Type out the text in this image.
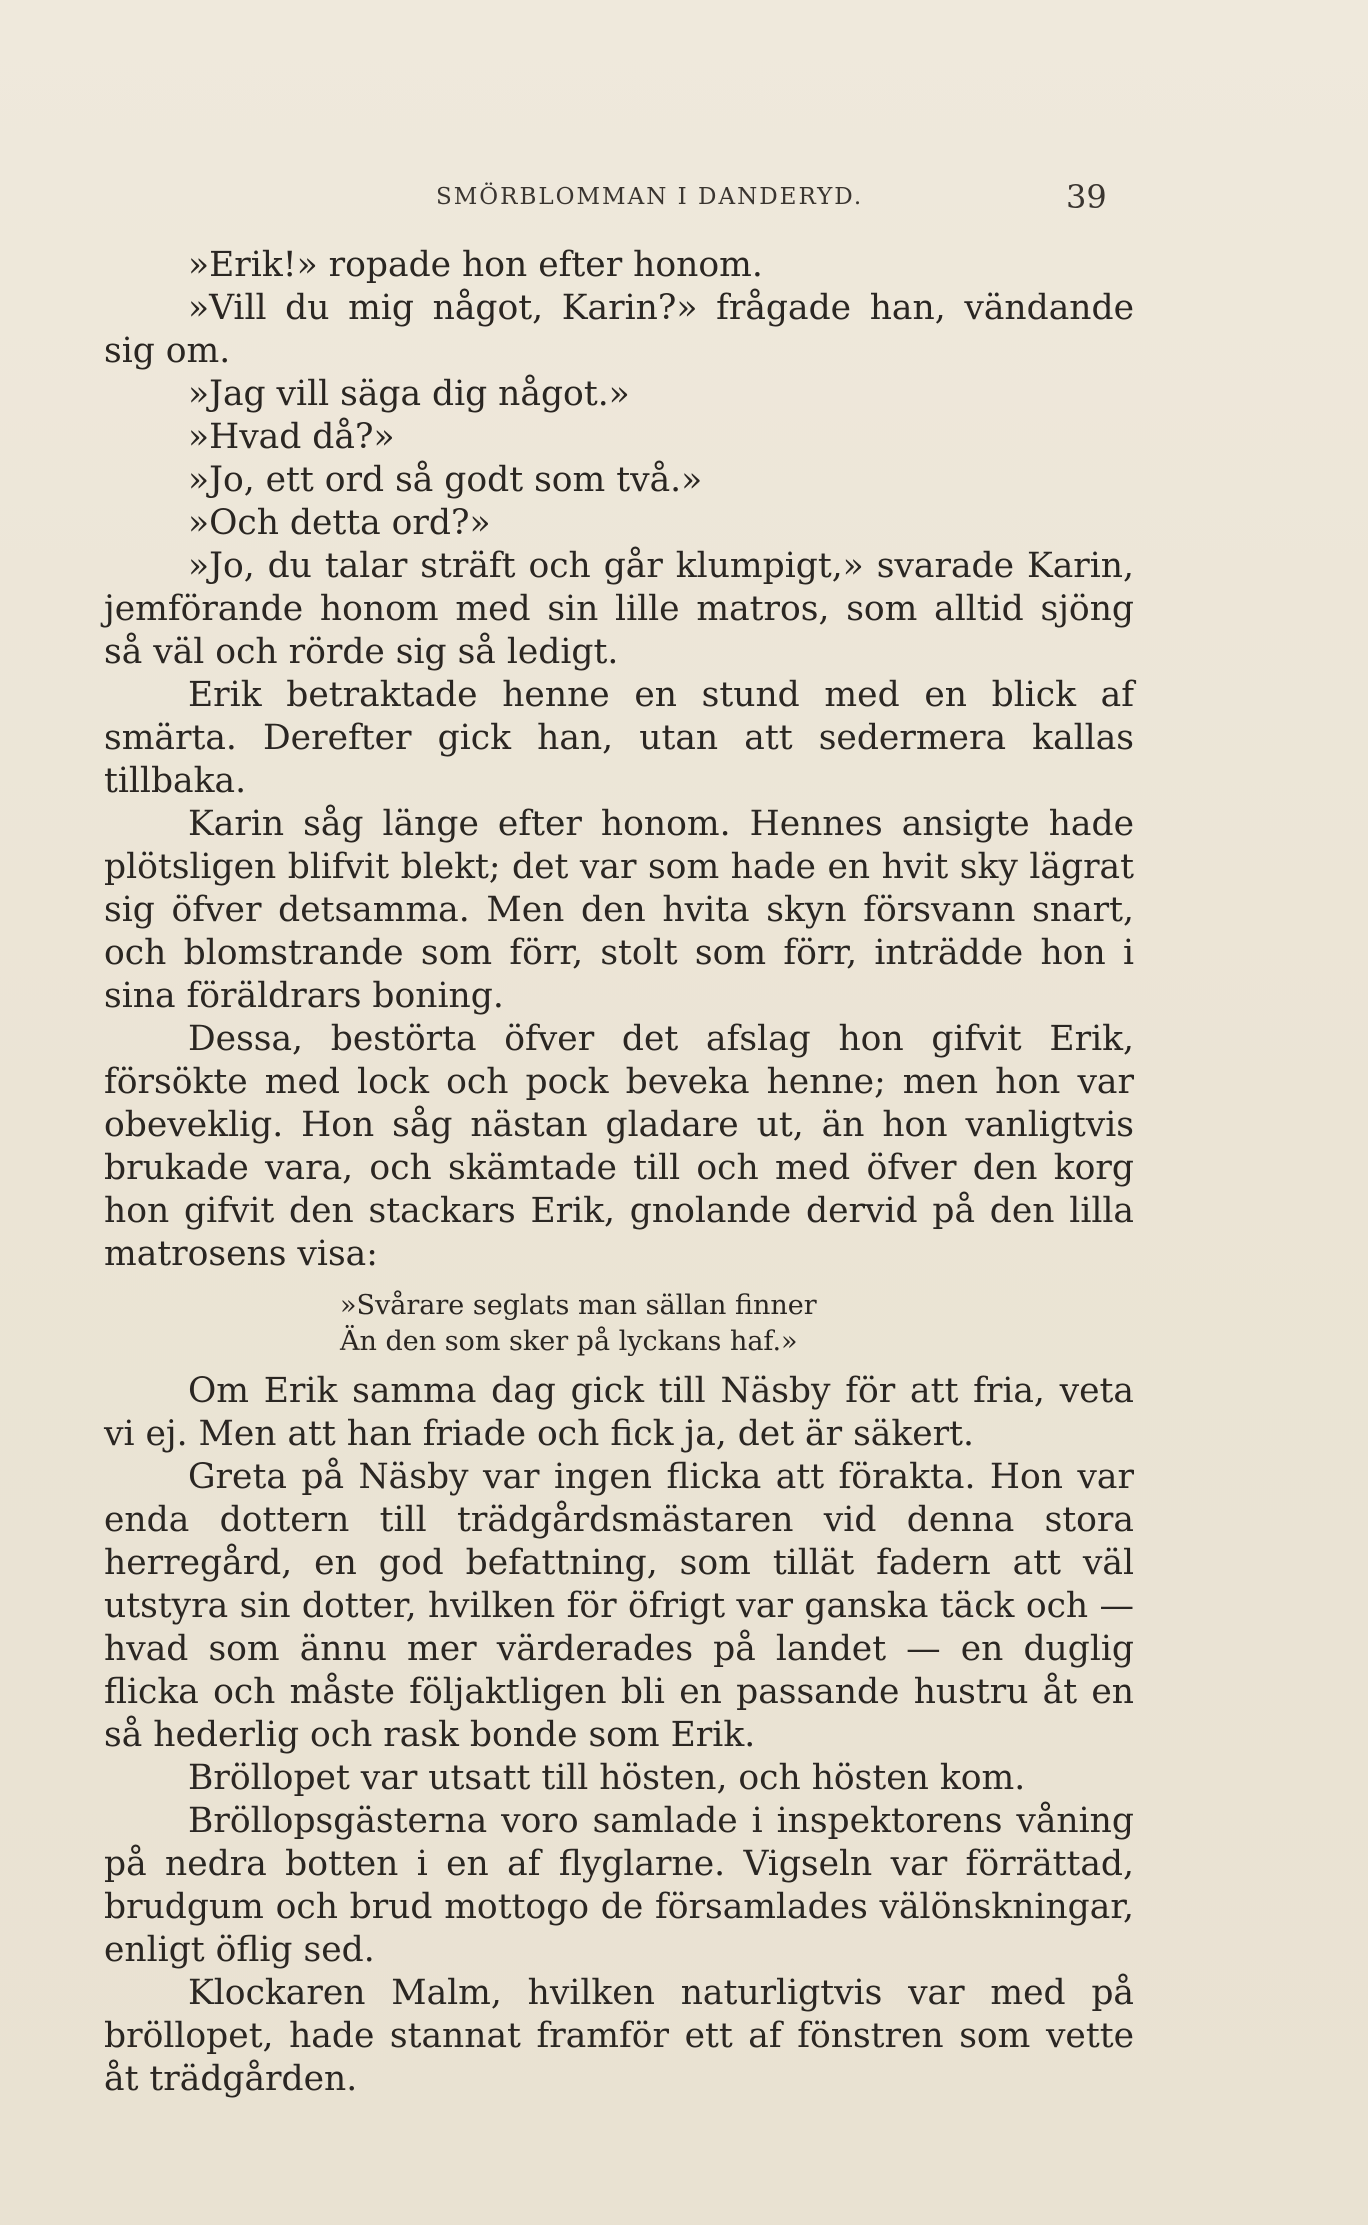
SMÖRBLOMMAN I DANDERYD.	39

»Erik!» ropade hon efter honom.

»Vill du mig något, Karin?» frågade han, vändande sig om.

»Jag vill säga dig något.»

»Hvad då?»

»Jo, ett ord så godt som två.»

»Och detta ord?»

»Jo, du talar sträft och går klumpigt,» svarade Karin, jemförande honom med sin lille matros, som alltid sjöng så väl och rörde sig så ledigt.

Erik betraktade henne en stund med en blick af smärta. Derefter gick han, utan att sedermera kallas tillbaka.

Karin såg länge efter honom. Hennes ansigte hade plötsligen blifvit blekt; det var som hade en hvit sky lägrat sig öfver detsamma. Men den hvita skyn försvann snart, och blomstrande som förr, stolt som förr, inträdde hon i sina föräldrars boning.

Dessa, bestörta öfver det afslag hon gifvit Erik, försökte med lock och pock beveka henne; men hon var obeveklig. Hon såg nästan gladare ut, än hon vanligtvis brukade vara, och skämtade till och med öfver den korg hon gifvit den stackars Erik, gnolande dervid på den lilla matrosens visa:

»Svårare seglats man sällan finner
Än den som sker på lyckans haf.»

Om Erik samma dag gick till Näsby för att fria, veta vi ej. Men att han friade och fick ja, det är säkert.

Greta på Näsby var ingen flicka att förakta. Hon var enda dottern till trädgårdsmästaren vid denna stora herregård, en god befattning, som tillät fadern att väl utstyra sin dotter, hvilken för öfrigt var ganska täck och — hvad som ännu mer värderades på landet — en duglig flicka och måste följaktligen bli en passande hustru åt en så hederlig och rask bonde som Erik.

Bröllopet var utsatt till hösten, och hösten kom.

Bröllopsgästerna voro samlade i inspektorens våning på nedra botten i en af flyglarne. Vigseln var förrättad, brudgum och brud mottogo de församlades välönskningar, enligt öflig sed.

Klockaren Malm, hvilken naturligtvis var med på bröllopet, hade stannat framför ett af fönstren som vette åt trädgården.
